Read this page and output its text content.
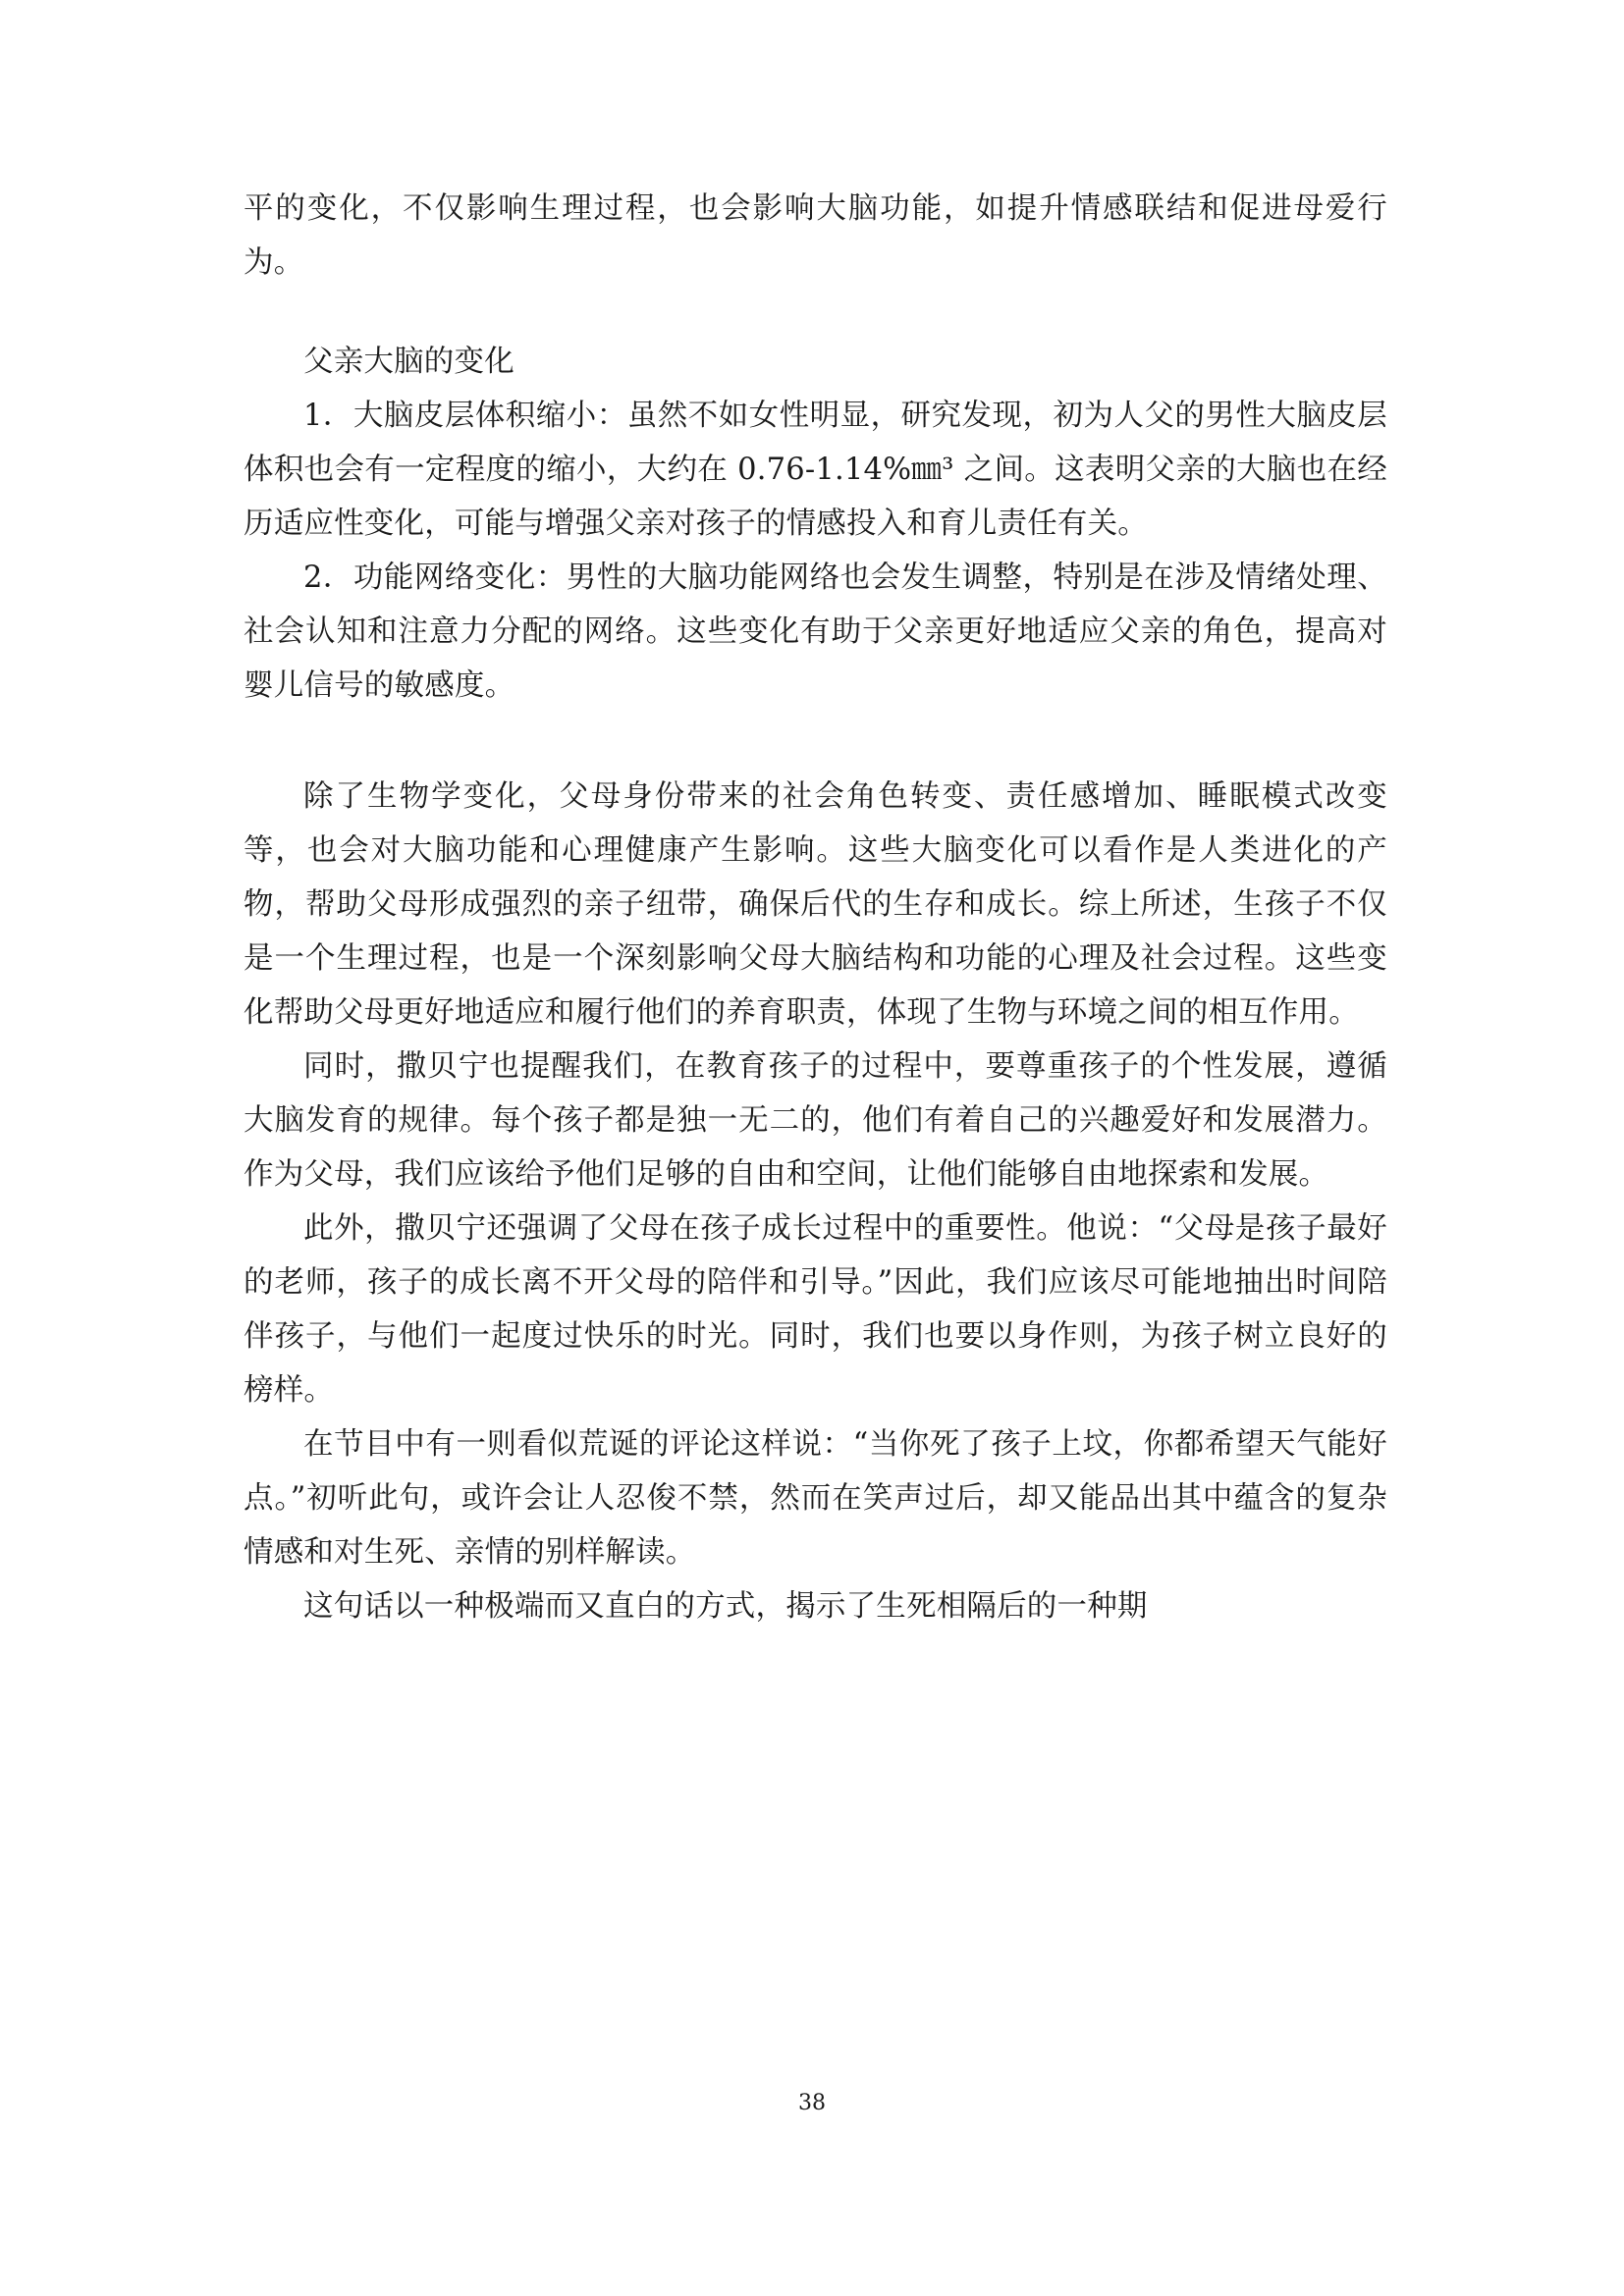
平的变化，不仅影响生理过程，也会影响大脑功能，如提升情感联结和促进母爱行为。

父亲大脑的变化

1．大脑皮层体积缩小：虽然不如女性明显，研究发现，初为人父的男性大脑皮层体积也会有一定程度的缩小，大约在 0.76-1.14%㎜³ 之间。这表明父亲的大脑也在经历适应性变化，可能与增强父亲对孩子的情感投入和育儿责任有关。

2．功能网络变化：男性的大脑功能网络也会发生调整，特别是在涉及情绪处理、社会认知和注意力分配的网络。这些变化有助于父亲更好地适应父亲的角色，提高对婴儿信号的敏感度。

除了生物学变化，父母身份带来的社会角色转变、责任感增加、睡眠模式改变等，也会对大脑功能和心理健康产生影响。这些大脑变化可以看作是人类进化的产物，帮助父母形成强烈的亲子纽带，确保后代的生存和成长。综上所述，生孩子不仅是一个生理过程，也是一个深刻影响父母大脑结构和功能的心理及社会过程。这些变化帮助父母更好地适应和履行他们的养育职责，体现了生物与环境之间的相互作用。

同时，撒贝宁也提醒我们，在教育孩子的过程中，要尊重孩子的个性发展，遵循大脑发育的规律。每个孩子都是独一无二的，他们有着自己的兴趣爱好和发展潜力。作为父母，我们应该给予他们足够的自由和空间，让他们能够自由地探索和发展。

此外，撒贝宁还强调了父母在孩子成长过程中的重要性。他说：“父母是孩子最好的老师，孩子的成长离不开父母的陪伴和引导。”因此，我们应该尽可能地抽出时间陪伴孩子，与他们一起度过快乐的时光。同时，我们也要以身作则，为孩子树立良好的榜样。

在节目中有一则看似荒诞的评论这样说：“当你死了孩子上坟，你都希望天气能好点。”初听此句，或许会让人忍俊不禁，然而在笑声过后，却又能品出其中蕴含的复杂情感和对生死、亲情的别样解读。

这句话以一种极端而又直白的方式，揭示了生死相隔后的一种期

38
